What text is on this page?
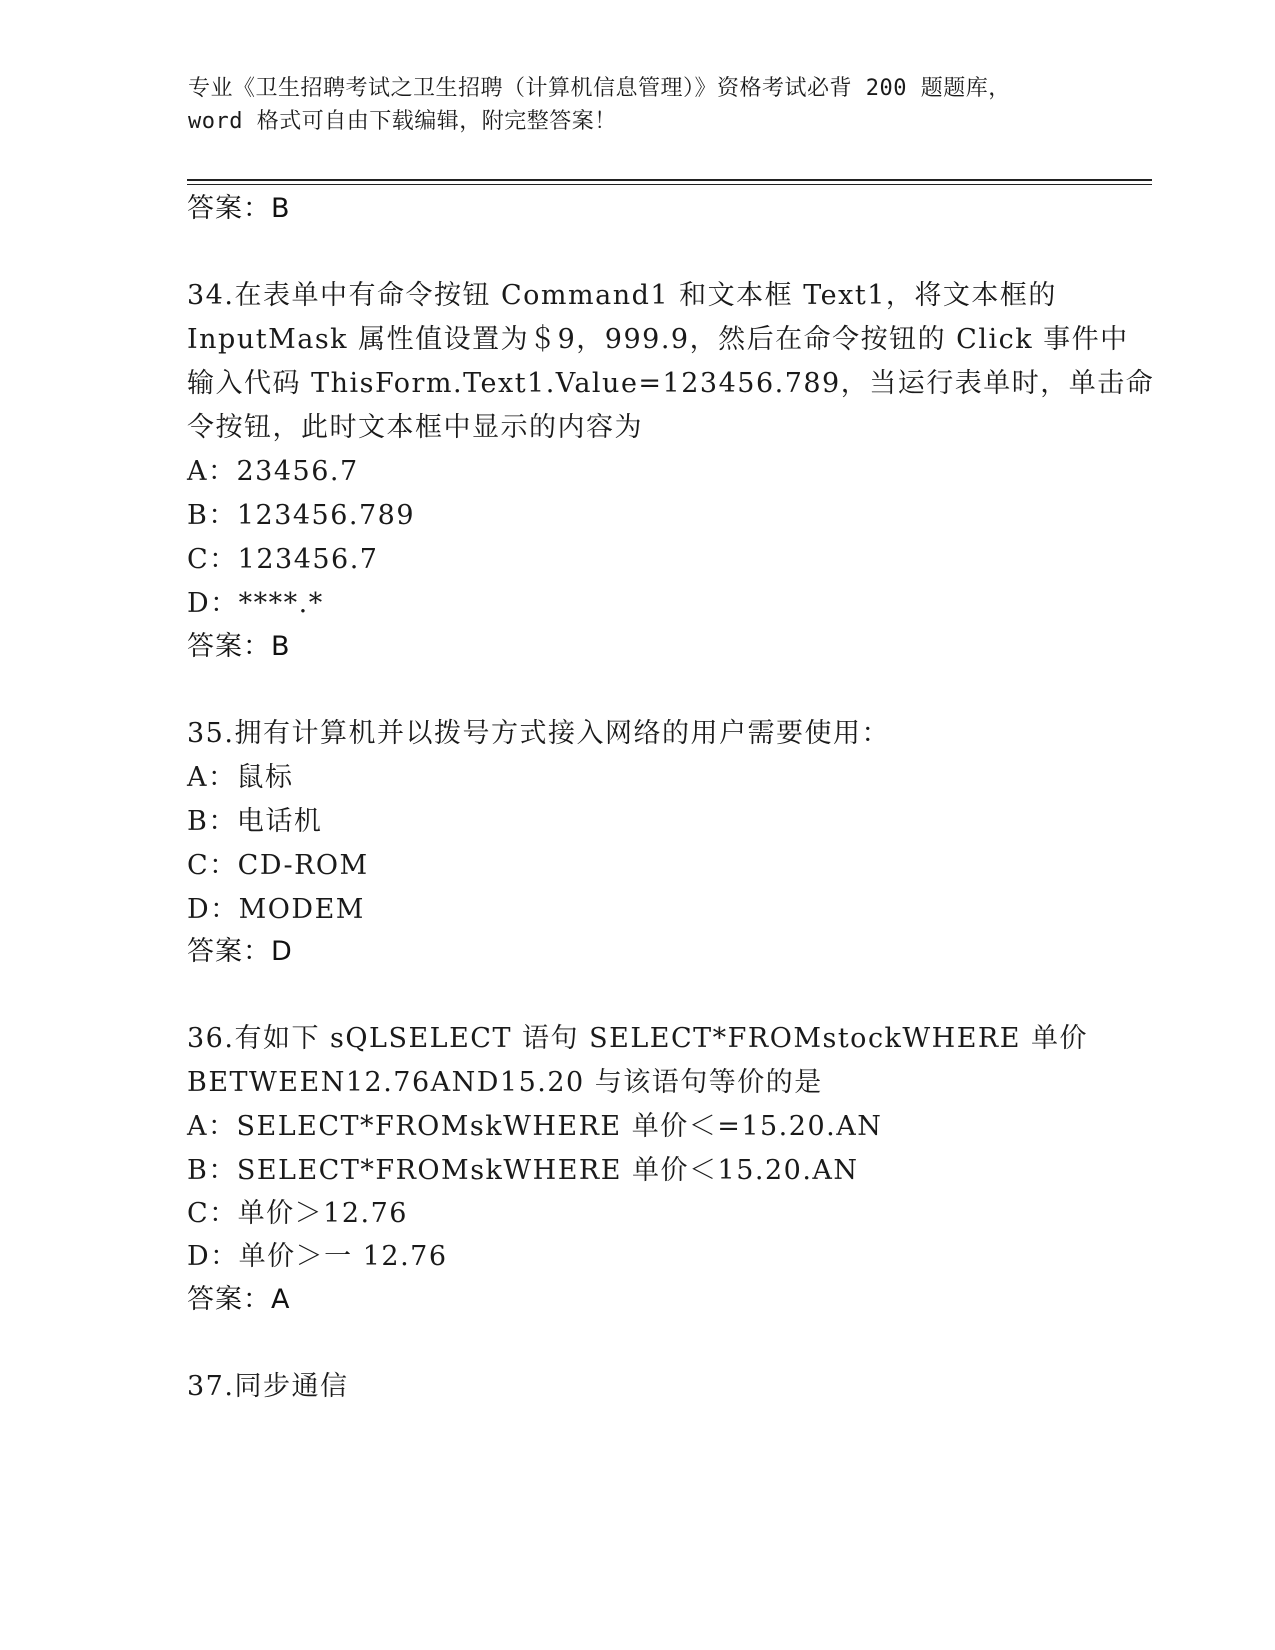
专业《卫生招聘考试之卫生招聘（计算机信息管理）》资格考试必背 200 题题库，
word 格式可自由下载编辑，附完整答案！
答案：B
34.在表单中有命令按钮 Command1 和文本框 Text1，将文本框的
InputMask 属性值设置为＄9，999.9，然后在命令按钮的 Click 事件中
输入代码 ThisForm.Text1.Value=123456.789，当运行表单时，单击命
令按钮，此时文本框中显示的内容为
A：23456.7
B：123456.789
C：123456.7
D：****.*
答案：B
35.拥有计算机并以拨号方式接入网络的用户需要使用：
A：鼠标
B：电话机
C：CD-ROM
D：MODEM
答案：D
36.有如下 sQLSELECT 语句 SELECT*FROMstockWHERE 单价
BETWEEN12.76AND15.20 与该语句等价的是
A：SELECT*FROMskWHERE 单价＜=15.20.AN
B：SELECT*FROMskWHERE 单价＜15.20.AN
C：单价＞12.76
D：单价＞一 12.76
答案：A
37.同步通信
